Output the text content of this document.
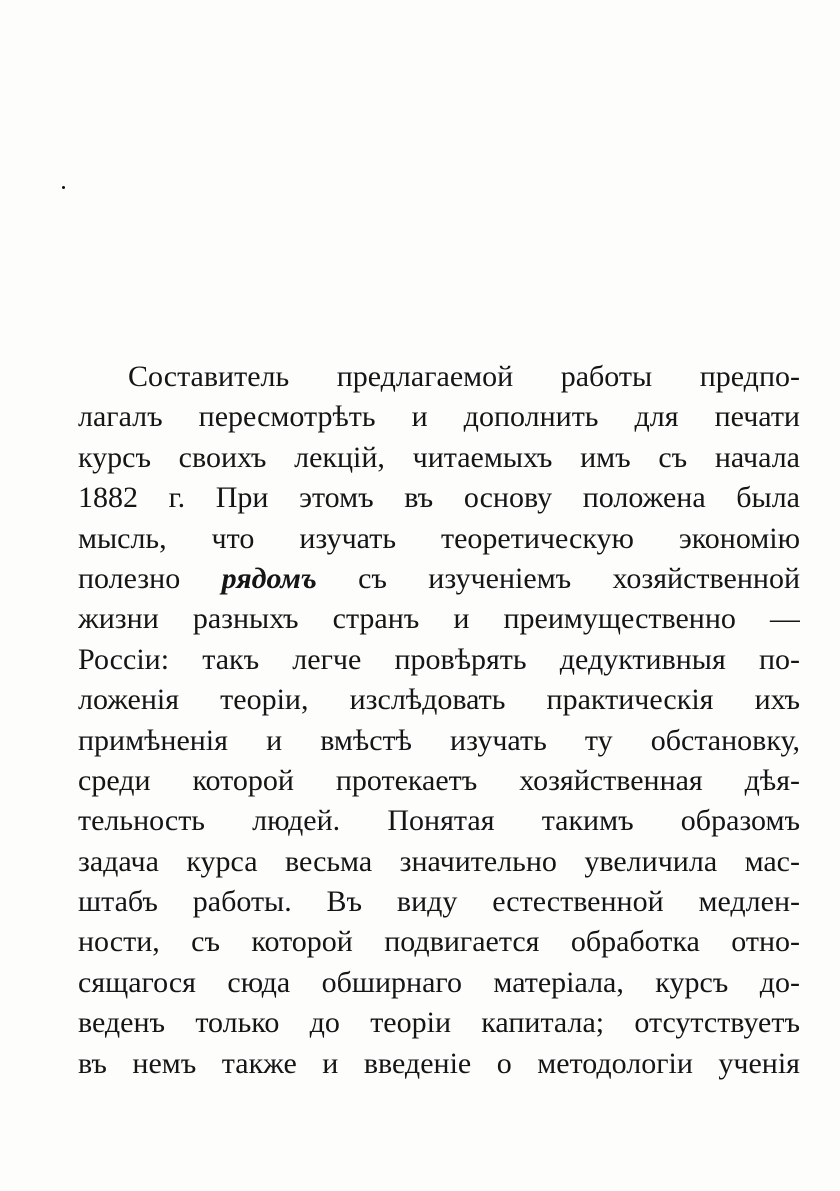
Составитель предлагаемой работы предпо-
лагалъ пересмотрѣть и дополнить для печати
курсъ своихъ лекцій, читаемыхъ имъ съ начала
1882 г. При этомъ въ основу положена была
мысль, что изучать теоретическую экономію
полезно рядомъ съ изученіемъ хозяйственной
жизни разныхъ странъ и преимущественно —
Россіи: такъ легче провѣрять дедуктивныя по-
ложенія теоріи, изслѣдовать практическія ихъ
примѣненія и вмѣстѣ изучать ту обстановку,
среди которой протекаетъ хозяйственная дѣя-
тельность людей. Понятая такимъ образомъ
задача курса весьма значительно увеличила мас-
штабъ работы. Въ виду естественной медлен-
ности, съ которой подвигается обработка отно-
сящагося сюда обширнаго матеріала, курсъ до-
веденъ только до теоріи капитала; отсутствуетъ
въ немъ также и введеніе о методологіи ученія
